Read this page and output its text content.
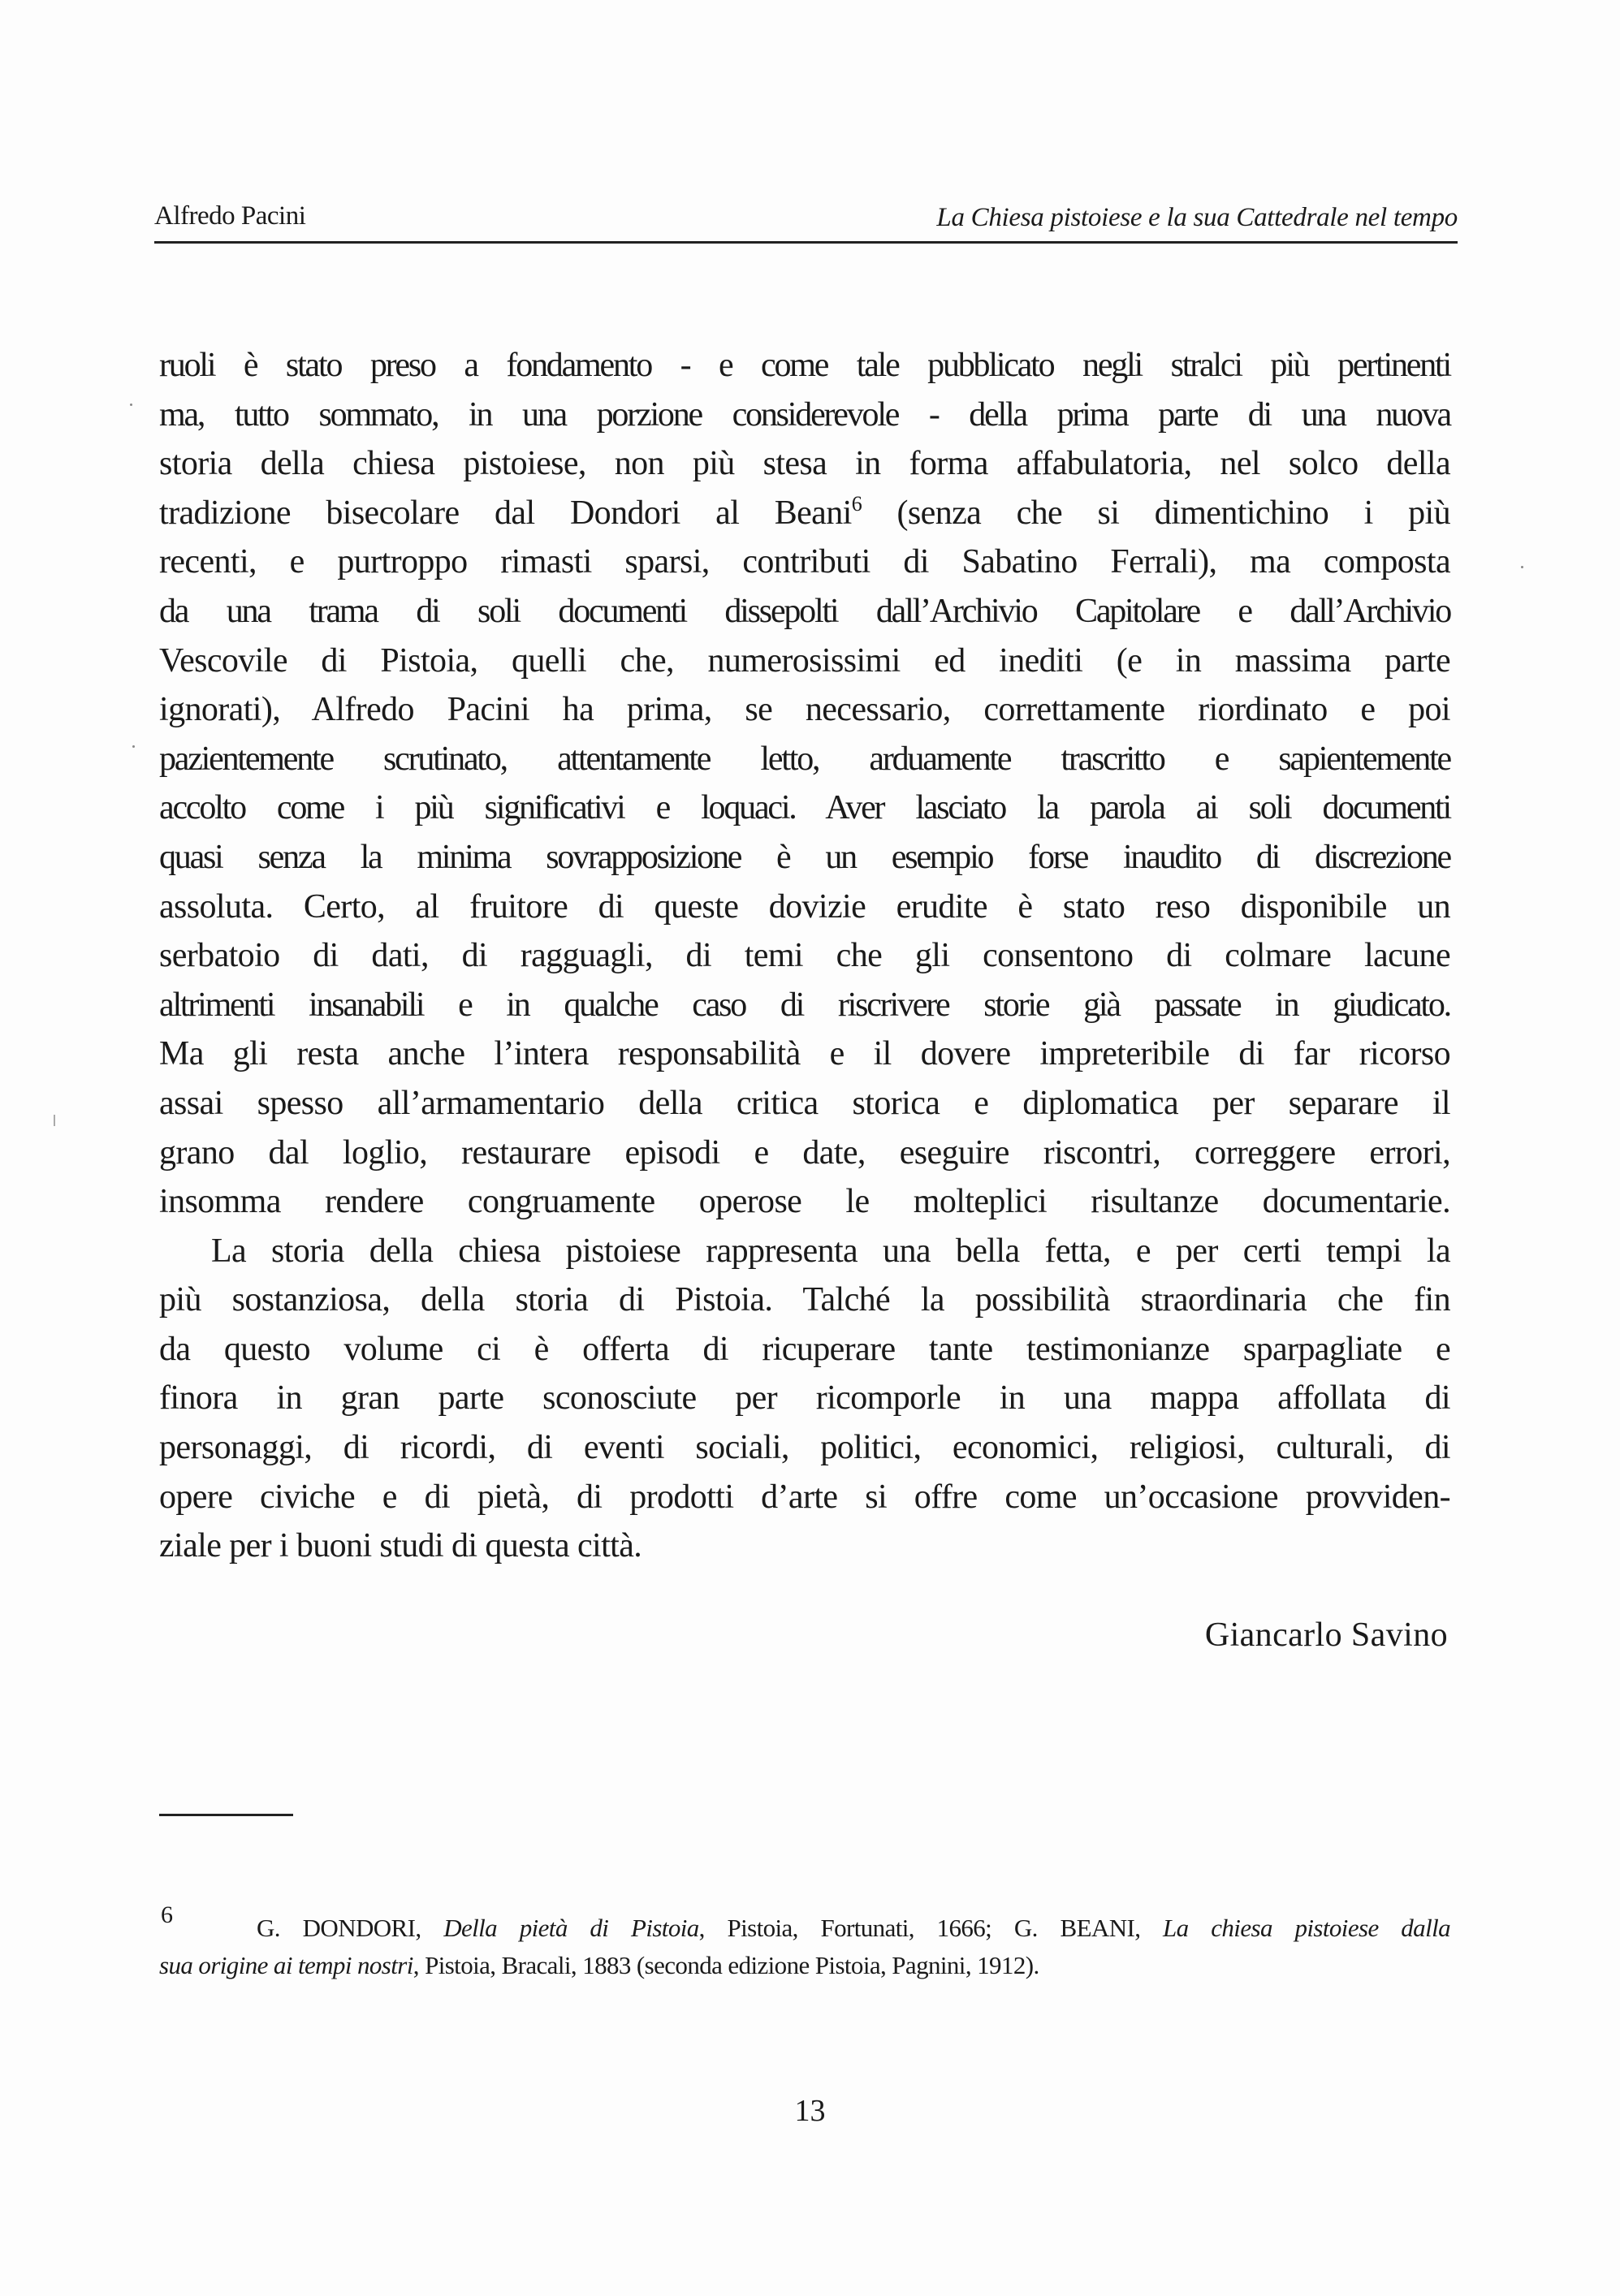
Alfredo Pacini	La Chiesa pistoiese e la sua Cattedrale nel tempo
ruoli è stato preso a fondamento - e come tale pubblicato negli stralci più pertinenti
ma, tutto sommato, in una porzione considerevole - della prima parte di una nuova
storia della chiesa pistoiese, non più stesa in forma affabulatoria, nel solco della
tradizione bisecolare dal Dondori al Beani$^6$ (senza che si dimentichino i più
recenti, e purtroppo rimasti sparsi, contributi di Sabatino Ferrali), ma composta
da una trama di soli documenti dissepolti dall’Archivio Capitolare e dall’Archivio
Vescovile di Pistoia, quelli che, numerosissimi ed inediti (e in massima parte
ignorati), Alfredo Pacini ha prima, se necessario, correttamente riordinato e poi
pazientemente scrutinato, attentamente letto, arduamente trascritto e sapientemente
accolto come i più significativi e loquaci. Aver lasciato la parola ai soli documenti
quasi senza la minima sovrapposizione è un esempio forse inaudito di discrezione
assoluta. Certo, al fruitore di queste dovizie erudite è stato reso disponibile un
serbatoio di dati, di ragguagli, di temi che gli consentono di colmare lacune
altrimenti insanabili e in qualche caso di riscrivere storie già passate in giudicato.
Ma gli resta anche l’intera responsabilità e il dovere impreteribile di far ricorso
assai spesso all’armamentario della critica storica e diplomatica per separare il
grano dal loglio, restaurare episodi e date, eseguire riscontri, correggere errori,
insomma rendere congruamente operose le molteplici risultanze documentarie.
La storia della chiesa pistoiese rappresenta una bella fetta, e per certi tempi la
più sostanziosa, della storia di Pistoia. Talché la possibilità straordinaria che fin
da questo volume ci è offerta di ricuperare tante testimonianze sparpagliate e
finora in gran parte sconosciute per ricomporle in una mappa affollata di
personaggi, di ricordi, di eventi sociali, politici, economici, religiosi, culturali, di
opere civiche e di pietà, di prodotti d’arte si offre come un’occasione provviden-
ziale per i buoni studi di questa città.
Giancarlo Savino
6	G. DONDORI, Della pietà di Pistoia, Pistoia, Fortunati, 1666; G. BEANI, La chiesa pistoiese dalla
sua origine ai tempi nostri, Pistoia, Bracali, 1883 (seconda edizione Pistoia, Pagnini, 1912).
13
